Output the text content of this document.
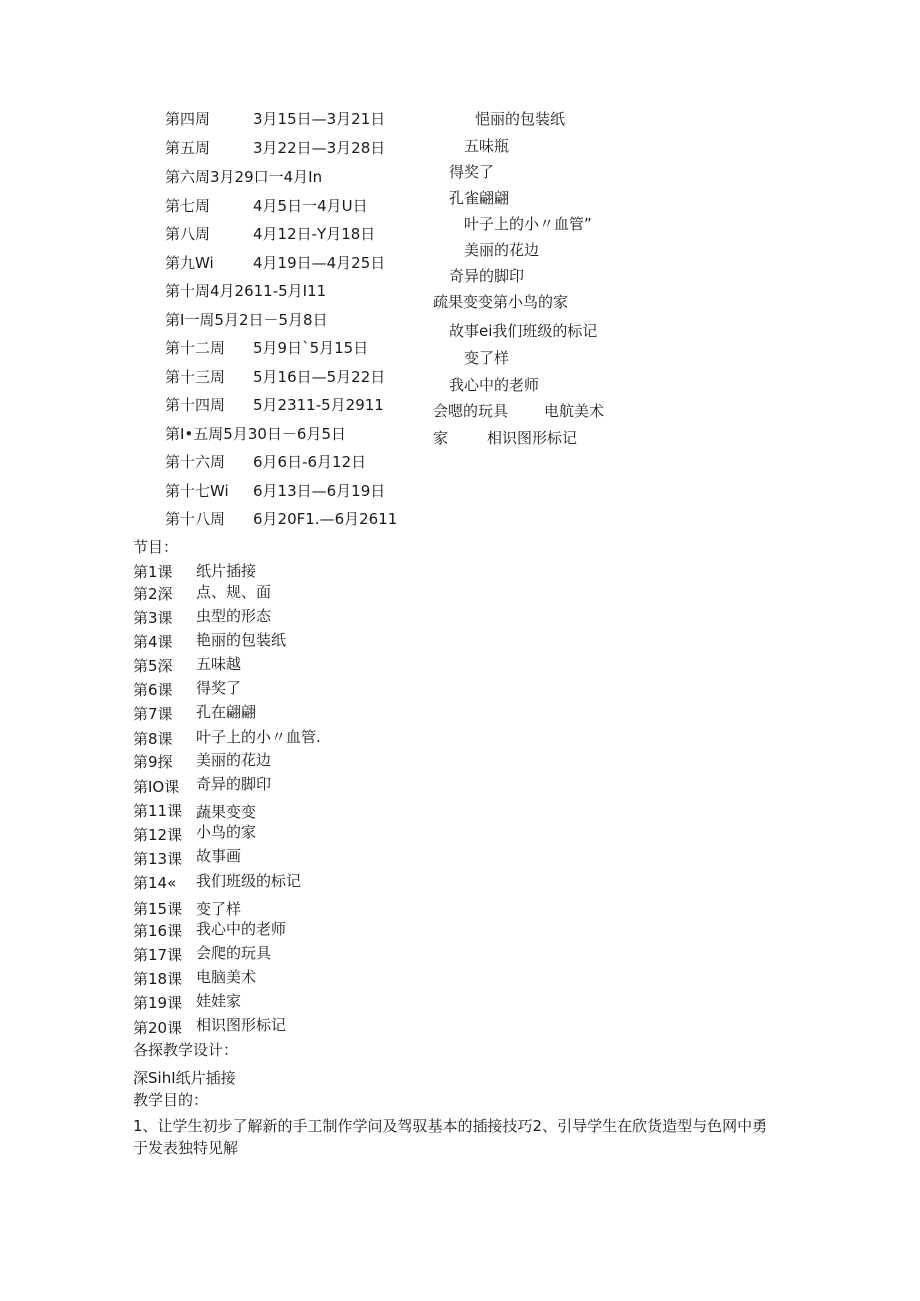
第四周	3月15日—3月21日
第五周	3月22日—3月28日
第六周3月29口一4月In
第七周	4月5日一4月U日
第八周	4月12日-Y月18日
第九Wi	4月19日—4月25日
第十周4月2611-5月I11
第I一周5月2日－5月8日
第十二周 5月9日`5月15日
第十三周 5月16日—5月22日
第十四周 5月2311-5月2911
第I•五周5月30日－6月5日
第十六周 6月6日-6月12日
第十七Wi 6月13日—6月19日
第十八周 6月20F1.—6月2611
悒丽的包装纸
五味瓶
得奖了
孔雀翩翩
叶子上的小〃血管”
美丽的花边
奇异的脚印
疏果变变第小鸟的家
故事ei我们班级的标记
变了样
我心中的老师
会嗯的玩具 电航美术
家	相识图形标记
节目：
第1课 纸片插接
第2深 点、规、面
第3课 虫型的形态
第4课 艳丽的包装纸
第5深 五味越
第6课 得奖了
第7课 孔在翩翩
第8课 叶子上的小〃血管.
第9探 美丽的花边
第IO课 奇异的脚印
第11课 蔬果变变
第12课 小鸟的家
第13课 故事画
第14« 我们班级的标记
第15课 变了样
第16课 我心中的老师
第17课 会爬的玩具
第18课 电脑美术
第19课 娃娃家
第20课 相识图形标记
各探教学设计：
深SihI纸片插接
教学目的：
1、让学生初步了解新的手工制作学问及驾驭基本的插接技巧2、引导学生在欣货造型与色网中勇
于发表独特见解
